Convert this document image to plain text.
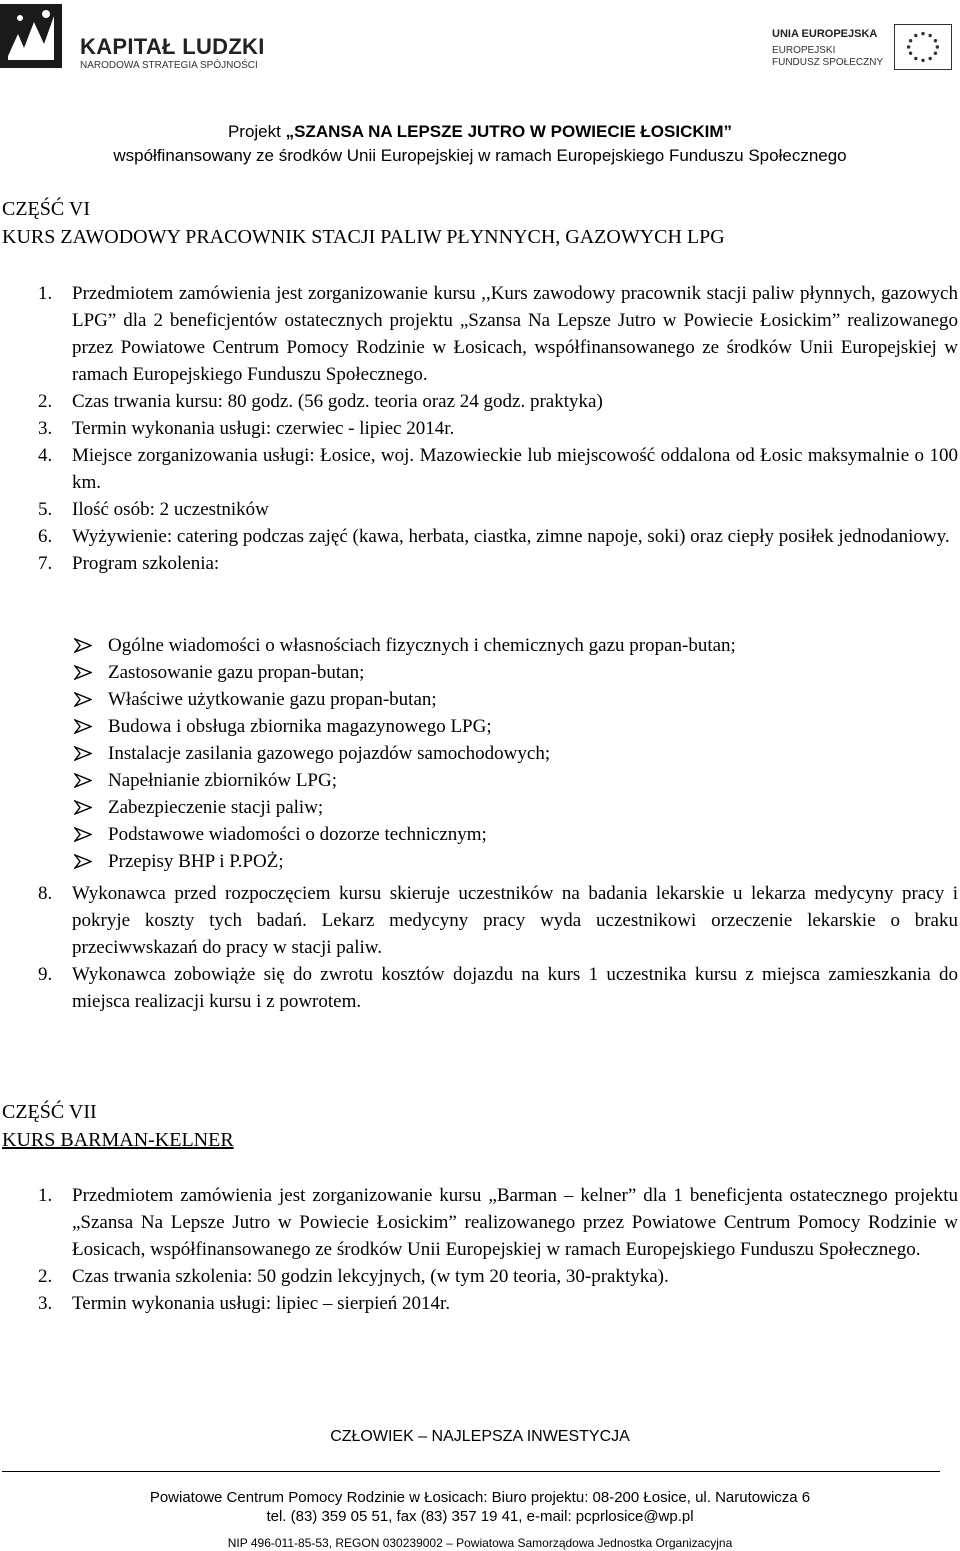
KAPITAŁ LUDZKI
NARODOWA STRATEGIA SPÓJNOŚCI
UNIA EUROPEJSKA
EUROPEJSKI
FUNDUSZ SPOŁECZNY
Projekt „SZANSA NA LEPSZE JUTRO W POWIECIE ŁOSICKIM”
współfinansowany ze środków Unii Europejskiej w ramach Europejskiego Funduszu Społecznego
CZĘŚĆ VI
KURS ZAWODOWY PRACOWNIK STACJI PALIW PŁYNNYCH, GAZOWYCH LPG
1. Przedmiotem zamówienia jest zorganizowanie kursu ,,Kurs zawodowy pracownik stacji paliw płynnych, gazowych LPG” dla 2 beneficjentów ostatecznych projektu „Szansa Na Lepsze Jutro w Powiecie Łosickim” realizowanego przez Powiatowe Centrum Pomocy Rodzinie w Łosicach, współfinansowanego ze środków Unii Europejskiej w ramach Europejskiego Funduszu Społecznego.
2. Czas trwania kursu: 80 godz. (56 godz. teoria oraz 24 godz. praktyka)
3. Termin wykonania usługi: czerwiec - lipiec 2014r.
4. Miejsce zorganizowania usługi: Łosice, woj. Mazowieckie lub miejscowość oddalona od Łosic maksymalnie o 100 km.
5. Ilość osób: 2 uczestników
6. Wyżywienie: catering podczas zajęć (kawa, herbata, ciastka, zimne napoje, soki) oraz ciepły posiłek jednodaniowy.
7. Program szkolenia:
Ogólne wiadomości o własnościach fizycznych i chemicznych gazu propan-butan;
Zastosowanie gazu propan-butan;
Właściwe użytkowanie gazu propan-butan;
Budowa i obsługa zbiornika magazynowego LPG;
Instalacje zasilania gazowego pojazdów samochodowych;
Napełnianie zbiorników LPG;
Zabezpieczenie stacji paliw;
Podstawowe wiadomości o dozorze technicznym;
Przepisy BHP i P.POŻ;
8. Wykonawca przed rozpoczęciem kursu skieruje uczestników na badania lekarskie u lekarza medycyny pracy i pokryje koszty tych badań. Lekarz medycyny pracy wyda uczestnikowi orzeczenie lekarskie o braku przeciwwskazań do pracy w stacji paliw.
9. Wykonawca zobowiąże się do zwrotu kosztów dojazdu na kurs 1 uczestnika kursu z miejsca zamieszkania do miejsca realizacji kursu i z powrotem.
CZĘŚĆ VII
KURS BARMAN-KELNER
1. Przedmiotem zamówienia jest zorganizowanie kursu „Barman – kelner” dla 1 beneficjenta ostatecznego projektu „Szansa Na Lepsze Jutro w Powiecie Łosickim” realizowanego przez Powiatowe Centrum Pomocy Rodzinie w Łosicach, współfinansowanego ze środków Unii Europejskiej w ramach Europejskiego Funduszu Społecznego.
2. Czas trwania szkolenia: 50 godzin lekcyjnych, (w tym 20 teoria, 30-praktyka).
3. Termin wykonania usługi: lipiec – sierpień 2014r.
CZŁOWIEK – NAJLEPSZA INWESTYCJA
Powiatowe Centrum Pomocy Rodzinie w Łosicach: Biuro projektu: 08-200 Łosice, ul. Narutowicza 6
tel. (83) 359 05 51, fax (83) 357 19 41, e-mail: pcprlosice@wp.pl
NIP 496-011-85-53, REGON 030239002 – Powiatowa Samorządowa Jednostka Organizacyjna
